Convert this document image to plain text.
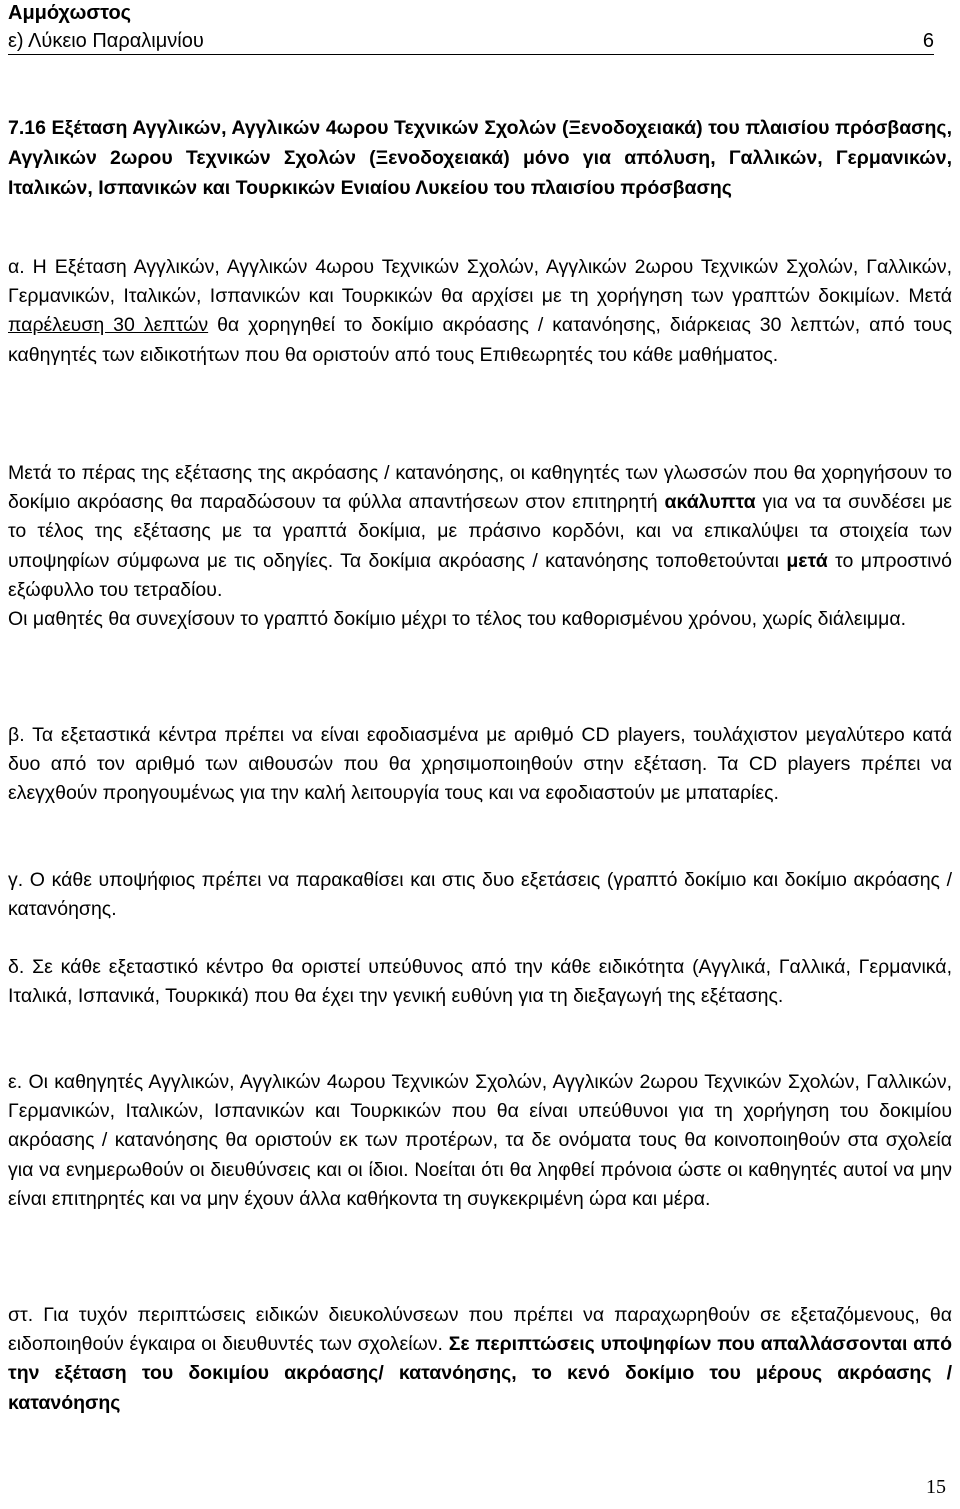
Αμμόχωστος
ε) Λύκειο Παραλιμνίου	6
7.16 Εξέταση Αγγλικών, Αγγλικών 4ωρου Τεχνικών Σχολών (Ξενοδοχειακά) του πλαισίου πρόσβασης, Αγγλικών 2ωρου Τεχνικών Σχολών (Ξενοδοχειακά) μόνο για απόλυση, Γαλλικών, Γερμανικών, Ιταλικών, Ισπανικών και Τουρκικών Ενιαίου Λυκείου του πλαισίου πρόσβασης
α. Η Εξέταση Αγγλικών, Αγγλικών 4ωρου Τεχνικών Σχολών, Αγγλικών 2ωρου Τεχνικών Σχολών, Γαλλικών, Γερμανικών, Ιταλικών, Ισπανικών και Τουρκικών θα αρχίσει με τη χορήγηση των γραπτών δοκιμίων. Μετά παρέλευση 30 λεπτών θα χορηγηθεί το δοκίμιο ακρόασης / κατανόησης, διάρκειας 30 λεπτών, από τους καθηγητές των ειδικοτήτων που θα οριστούν από τους Επιθεωρητές του κάθε μαθήματος.
Μετά το πέρας της εξέτασης της ακρόασης / κατανόησης, οι καθηγητές των γλωσσών που θα χορηγήσουν το δοκίμιο ακρόασης θα παραδώσουν τα φύλλα απαντήσεων στον επιτηρητή ακάλυπτα για να τα συνδέσει με το τέλος της εξέτασης με τα γραπτά δοκίμια, με πράσινο κορδόνι, και να επικαλύψει τα στοιχεία των υποψηφίων σύμφωνα με τις οδηγίες. Τα δοκίμια ακρόασης / κατανόησης τοποθετούνται μετά το μπροστινό εξώφυλλο του τετραδίου.
Οι μαθητές θα συνεχίσουν το γραπτό δοκίμιο μέχρι το τέλος του καθορισμένου χρόνου, χωρίς διάλειμμα.
β. Τα εξεταστικά κέντρα πρέπει να είναι εφοδιασμένα με αριθμό CD players, τουλάχιστον μεγαλύτερο κατά δυο από τον αριθμό των αιθουσών που θα χρησιμοποιηθούν στην εξέταση. Τα CD players πρέπει να ελεγχθούν προηγουμένως για την καλή λειτουργία τους και να εφοδιαστούν με μπαταρίες.
γ. Ο κάθε υποψήφιος πρέπει να παρακαθίσει και στις δυο εξετάσεις (γραπτό δοκίμιο και δοκίμιο ακρόασης / κατανόησης.
δ. Σε κάθε εξεταστικό κέντρο θα οριστεί υπεύθυνος από την κάθε ειδικότητα (Αγγλικά, Γαλλικά, Γερμανικά, Ιταλικά, Ισπανικά, Τουρκικά) που θα έχει την γενική ευθύνη για τη διεξαγωγή της εξέτασης.
ε. Οι καθηγητές Αγγλικών, Αγγλικών 4ωρου Τεχνικών Σχολών, Αγγλικών 2ωρου Τεχνικών Σχολών, Γαλλικών, Γερμανικών, Ιταλικών, Ισπανικών και Τουρκικών που θα είναι υπεύθυνοι για τη χορήγηση του δοκιμίου ακρόασης / κατανόησης θα οριστούν εκ των προτέρων, τα δε ονόματα τους θα κοινοποιηθούν στα σχολεία για να ενημερωθούν οι διευθύνσεις και οι ίδιοι. Νοείται ότι θα ληφθεί πρόνοια ώστε οι καθηγητές αυτοί να μην είναι επιτηρητές και να μην έχουν άλλα καθήκοντα τη συγκεκριμένη ώρα και μέρα.
στ. Για τυχόν περιπτώσεις ειδικών διευκολύνσεων που πρέπει να παραχωρηθούν σε εξεταζόμενους, θα ειδοποιηθούν έγκαιρα οι διευθυντές των σχολείων. Σε περιπτώσεις υποψηφίων που απαλλάσσονται από την εξέταση του δοκιμίου ακρόασης/ κατανόησης, το κενό δοκίμιο του μέρους ακρόασης / κατανόησης
15
